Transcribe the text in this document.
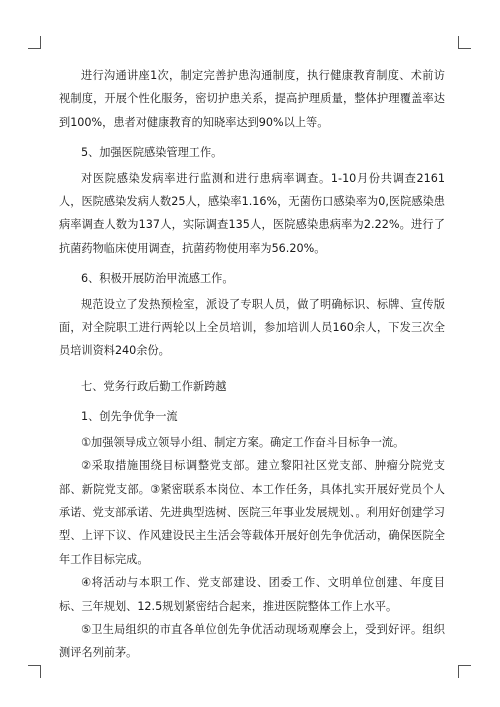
进行沟通讲座1次，制定完善护患沟通制度，执行健康教育制度、术前访视制度，开展个性化服务，密切护患关系，提高护理质量，整体护理覆盖率达到100%，患者对健康教育的知晓率达到90%以上等。

5、加强医院感染管理工作。

对医院感染发病率进行监测和进行患病率调查。1-10月份共调查2161人，医院感染发病人数25人，感染率1.16%，无菌伤口感染率为0,医院感染患病率调查人数为137人，实际调查135人，医院感染患病率为2.22%。进行了抗菌药物临床使用调查，抗菌药物使用率为56.20%。

6、积极开展防治甲流感工作。

规范设立了发热预检室，派设了专职人员，做了明确标识、标牌、宣传版面，对全院职工进行两轮以上全员培训，参加培训人员160余人，下发三次全员培训资料240余份。

七、党务行政后勤工作新跨越

1、创先争优争一流

①加强领导成立领导小组、制定方案。确定工作奋斗目标争一流。

②采取措施围绕目标调整党支部。建立黎阳社区党支部、肿瘤分院党支部、新院党支部。③紧密联系本岗位、本工作任务，具体扎实开展好党员个人承诺、党支部承诺、先进典型选树、医院三年事业发展规划、。利用好创建学习型、上评下议、作风建设民主生活会等载体开展好创先争优活动，确保医院全年工作目标完成。

④将活动与本职工作、党支部建设、团委工作、文明单位创建、年度目标、三年规划、12.5规划紧密结合起来，推进医院整体工作上水平。

⑤卫生局组织的市直各单位创先争优活动现场观摩会上，受到好评。组织测评名列前茅。
